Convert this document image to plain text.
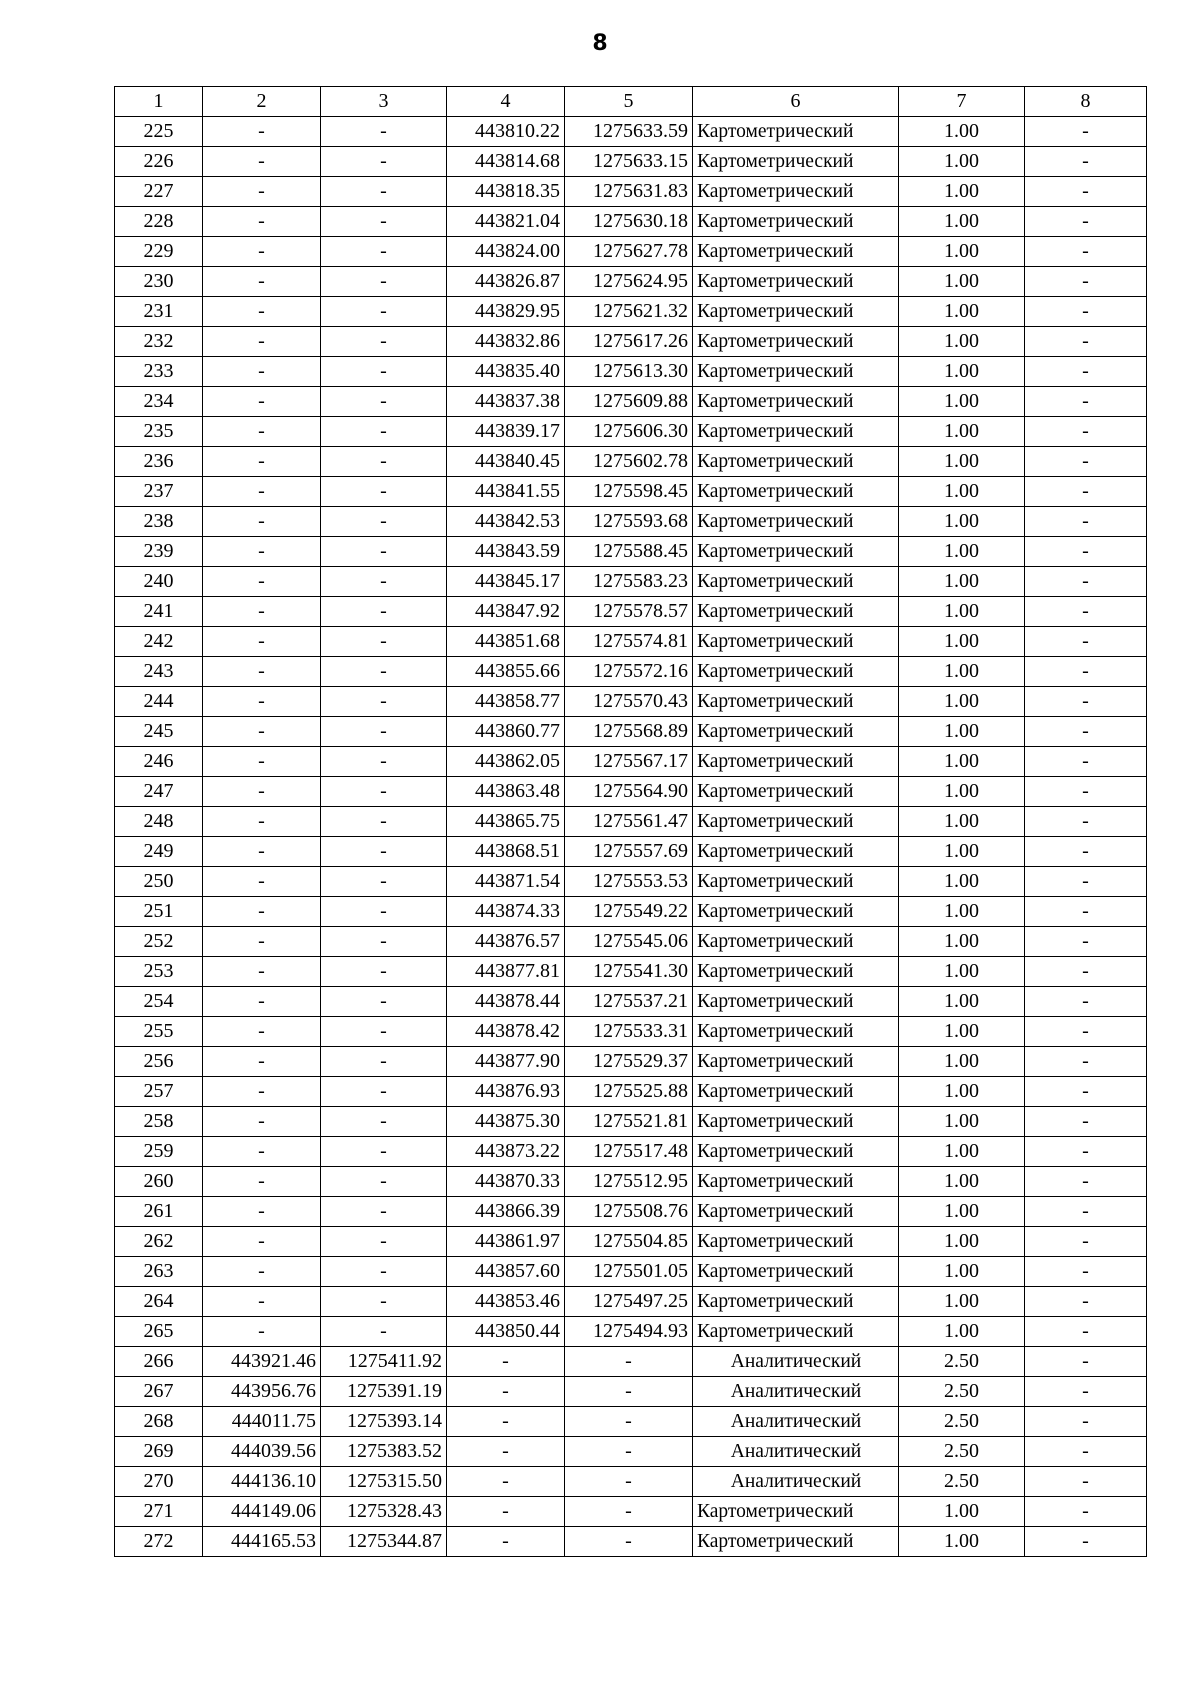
8
1	2	3	4	5	6	7	8
225	-	-	443810.22	1275633.59	Картометрический	1.00	-
226	-	-	443814.68	1275633.15	Картометрический	1.00	-
227	-	-	443818.35	1275631.83	Картометрический	1.00	-
228	-	-	443821.04	1275630.18	Картометрический	1.00	-
229	-	-	443824.00	1275627.78	Картометрический	1.00	-
230	-	-	443826.87	1275624.95	Картометрический	1.00	-
231	-	-	443829.95	1275621.32	Картометрический	1.00	-
232	-	-	443832.86	1275617.26	Картометрический	1.00	-
233	-	-	443835.40	1275613.30	Картометрический	1.00	-
234	-	-	443837.38	1275609.88	Картометрический	1.00	-
235	-	-	443839.17	1275606.30	Картометрический	1.00	-
236	-	-	443840.45	1275602.78	Картометрический	1.00	-
237	-	-	443841.55	1275598.45	Картометрический	1.00	-
238	-	-	443842.53	1275593.68	Картометрический	1.00	-
239	-	-	443843.59	1275588.45	Картометрический	1.00	-
240	-	-	443845.17	1275583.23	Картометрический	1.00	-
241	-	-	443847.92	1275578.57	Картометрический	1.00	-
242	-	-	443851.68	1275574.81	Картометрический	1.00	-
243	-	-	443855.66	1275572.16	Картометрический	1.00	-
244	-	-	443858.77	1275570.43	Картометрический	1.00	-
245	-	-	443860.77	1275568.89	Картометрический	1.00	-
246	-	-	443862.05	1275567.17	Картометрический	1.00	-
247	-	-	443863.48	1275564.90	Картометрический	1.00	-
248	-	-	443865.75	1275561.47	Картометрический	1.00	-
249	-	-	443868.51	1275557.69	Картометрический	1.00	-
250	-	-	443871.54	1275553.53	Картометрический	1.00	-
251	-	-	443874.33	1275549.22	Картометрический	1.00	-
252	-	-	443876.57	1275545.06	Картометрический	1.00	-
253	-	-	443877.81	1275541.30	Картометрический	1.00	-
254	-	-	443878.44	1275537.21	Картометрический	1.00	-
255	-	-	443878.42	1275533.31	Картометрический	1.00	-
256	-	-	443877.90	1275529.37	Картометрический	1.00	-
257	-	-	443876.93	1275525.88	Картометрический	1.00	-
258	-	-	443875.30	1275521.81	Картометрический	1.00	-
259	-	-	443873.22	1275517.48	Картометрический	1.00	-
260	-	-	443870.33	1275512.95	Картометрический	1.00	-
261	-	-	443866.39	1275508.76	Картометрический	1.00	-
262	-	-	443861.97	1275504.85	Картометрический	1.00	-
263	-	-	443857.60	1275501.05	Картометрический	1.00	-
264	-	-	443853.46	1275497.25	Картометрический	1.00	-
265	-	-	443850.44	1275494.93	Картометрический	1.00	-
266	443921.46	1275411.92	-	-	Аналитический	2.50	-
267	443956.76	1275391.19	-	-	Аналитический	2.50	-
268	444011.75	1275393.14	-	-	Аналитический	2.50	-
269	444039.56	1275383.52	-	-	Аналитический	2.50	-
270	444136.10	1275315.50	-	-	Аналитический	2.50	-
271	444149.06	1275328.43	-	-	Картометрический	1.00	-
272	444165.53	1275344.87	-	-	Картометрический	1.00	-
